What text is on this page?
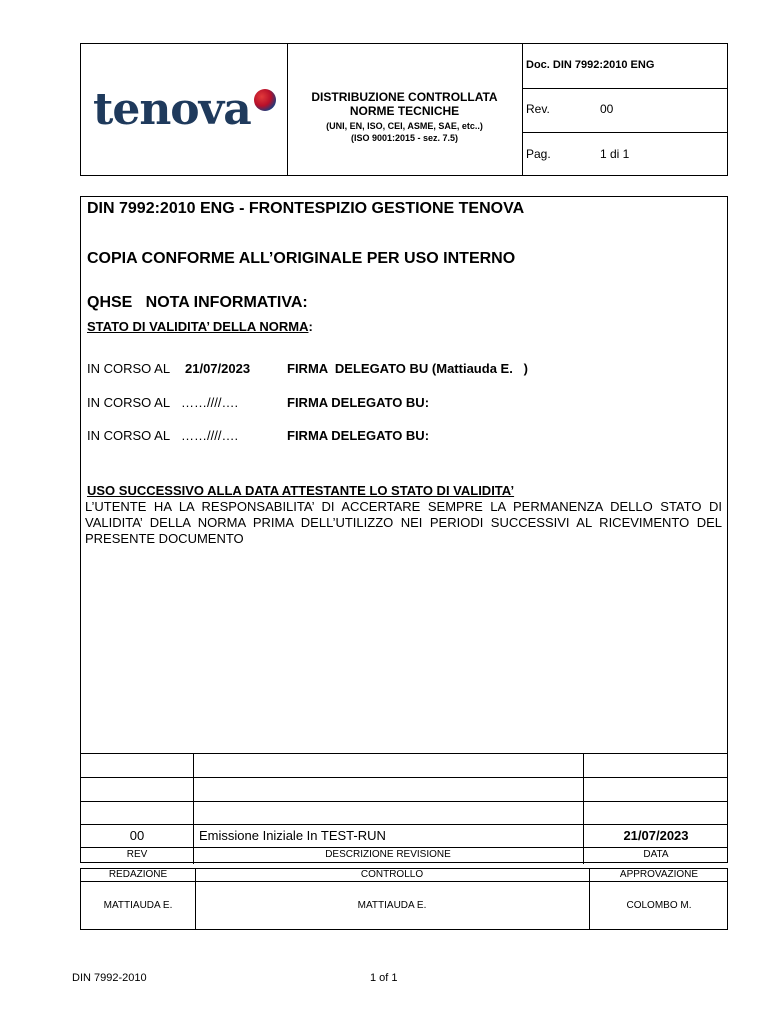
tenova	DISTRIBUZIONE CONTROLLATA
NORME TECNICHE
(UNI, EN, ISO, CEI, ASME, SAE, etc..)
(ISO 9001:2015 - sez. 7.5)
Doc. DIN 7992:2010 ENG
Rev.	00
Pag.	1 di 1
DIN 7992:2010 ENG - FRONTESPIZIO GESTIONE TENOVA
COPIA CONFORME ALL’ORIGINALE PER USO INTERNO
QHSE   NOTA INFORMATIVA:
STATO DI VALIDITA’ DELLA NORMA:
IN CORSO AL 21/07/2023	FIRMA  DELEGATO BU (Mattiauda E.   )
IN CORSO AL ……////….	FIRMA DELEGATO BU:
IN CORSO AL ……////….	FIRMA DELEGATO BU:
USO SUCCESSIVO ALLA DATA ATTESTANTE LO STATO DI VALIDITA’
L’UTENTE HA LA RESPONSABILITA’ DI ACCERTARE SEMPRE LA PERMANENZA DELLO STATO DI VALIDITA’ DELLA NORMA PRIMA DELL’UTILIZZO NEI PERIODI SUCCESSIVI AL RICEVIMENTO DEL PRESENTE DOCUMENTO
00	Emissione Iniziale In TEST-RUN	21/07/2023
REV	DESCRIZIONE REVISIONE	DATA
REDAZIONE	CONTROLLO	APPROVAZIONE
MATTIAUDA E.	MATTIAUDA E.	COLOMBO M.
DIN 7992-2010	1 of 1
